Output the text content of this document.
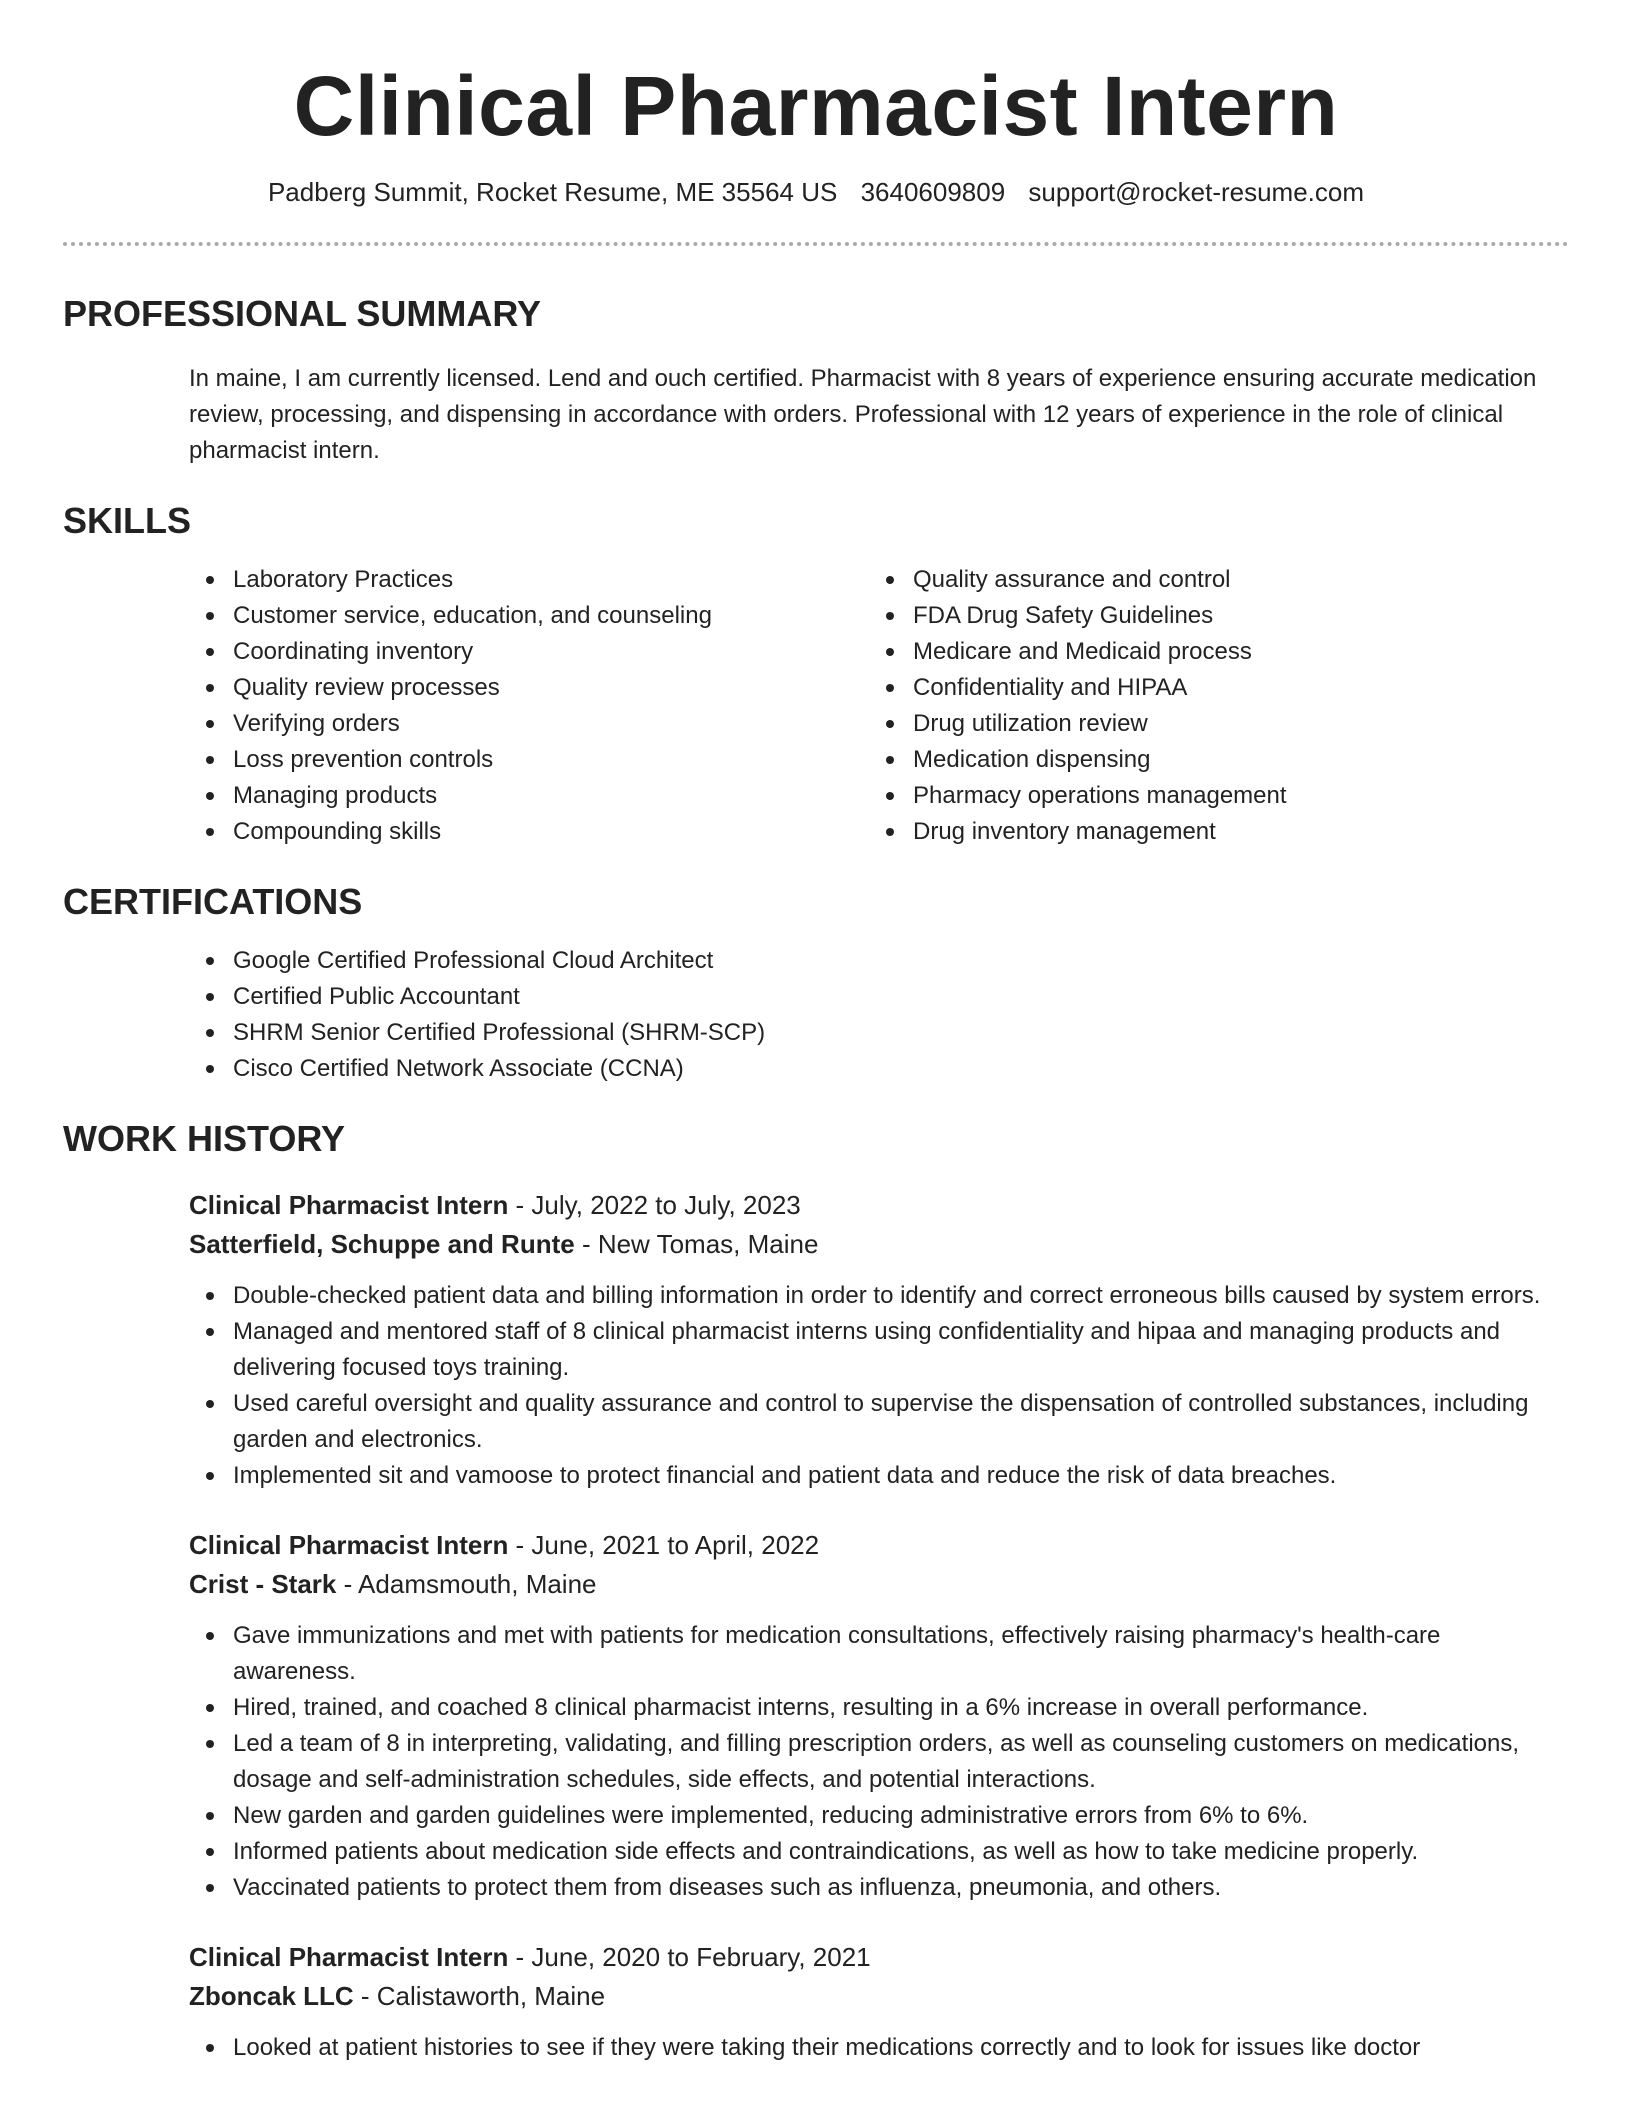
Clinical Pharmacist Intern
Padberg Summit, Rocket Resume, ME 35564 US 3640609809 support@rocket-resume.com
PROFESSIONAL SUMMARY
In maine, I am currently licensed. Lend and ouch certified. Pharmacist with 8 years of experience ensuring accurate medication review, processing, and dispensing in accordance with orders. Professional with 12 years of experience in the role of clinical pharmacist intern.
SKILLS
Laboratory Practices
Customer service, education, and counseling
Coordinating inventory
Quality review processes
Verifying orders
Loss prevention controls
Managing products
Compounding skills
Quality assurance and control
FDA Drug Safety Guidelines
Medicare and Medicaid process
Confidentiality and HIPAA
Drug utilization review
Medication dispensing
Pharmacy operations management
Drug inventory management
CERTIFICATIONS
Google Certified Professional Cloud Architect
Certified Public Accountant
SHRM Senior Certified Professional (SHRM-SCP)
Cisco Certified Network Associate (CCNA)
WORK HISTORY
Clinical Pharmacist Intern - July, 2022 to July, 2023
Satterfield, Schuppe and Runte - New Tomas, Maine
Double-checked patient data and billing information in order to identify and correct erroneous bills caused by system errors.
Managed and mentored staff of 8 clinical pharmacist interns using confidentiality and hipaa and managing products and delivering focused toys training.
Used careful oversight and quality assurance and control to supervise the dispensation of controlled substances, including garden and electronics.
Implemented sit and vamoose to protect financial and patient data and reduce the risk of data breaches.
Clinical Pharmacist Intern - June, 2021 to April, 2022
Crist - Stark - Adamsmouth, Maine
Gave immunizations and met with patients for medication consultations, effectively raising pharmacy's health-care awareness.
Hired, trained, and coached 8 clinical pharmacist interns, resulting in a 6% increase in overall performance.
Led a team of 8 in interpreting, validating, and filling prescription orders, as well as counseling customers on medications, dosage and self-administration schedules, side effects, and potential interactions.
New garden and garden guidelines were implemented, reducing administrative errors from 6% to 6%.
Informed patients about medication side effects and contraindications, as well as how to take medicine properly.
Vaccinated patients to protect them from diseases such as influenza, pneumonia, and others.
Clinical Pharmacist Intern - June, 2020 to February, 2021
Zboncak LLC - Calistaworth, Maine
Looked at patient histories to see if they were taking their medications correctly and to look for issues like doctor
